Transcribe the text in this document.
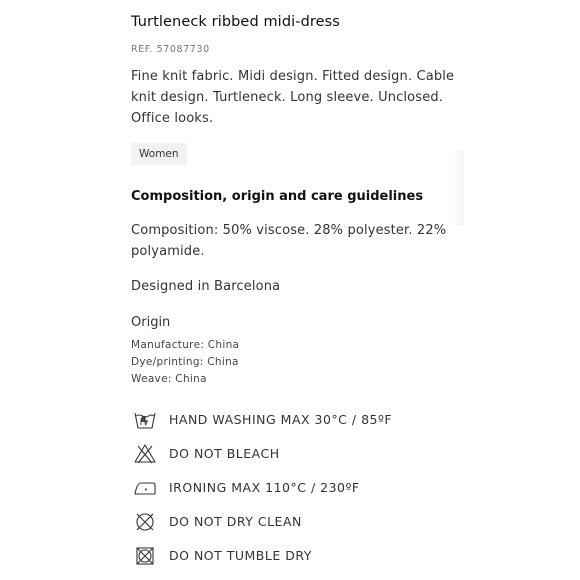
Turtleneck ribbed midi-dress
REF. 57087730
Fine knit fabric. Midi design. Fitted design. Cable knit design. Turtleneck. Long sleeve. Unclosed. Office looks.
Women
Composition, origin and care guidelines
Composition: 50% viscose. 28% polyester. 22% polyamide.
Designed in Barcelona
Origin
Manufacture: China
Dye/printing: China
Weave: China
HAND WASHING MAX 30°C / 85ºF
DO NOT BLEACH
IRONING MAX 110°C / 230ºF
DO NOT DRY CLEAN
DO NOT TUMBLE DRY
